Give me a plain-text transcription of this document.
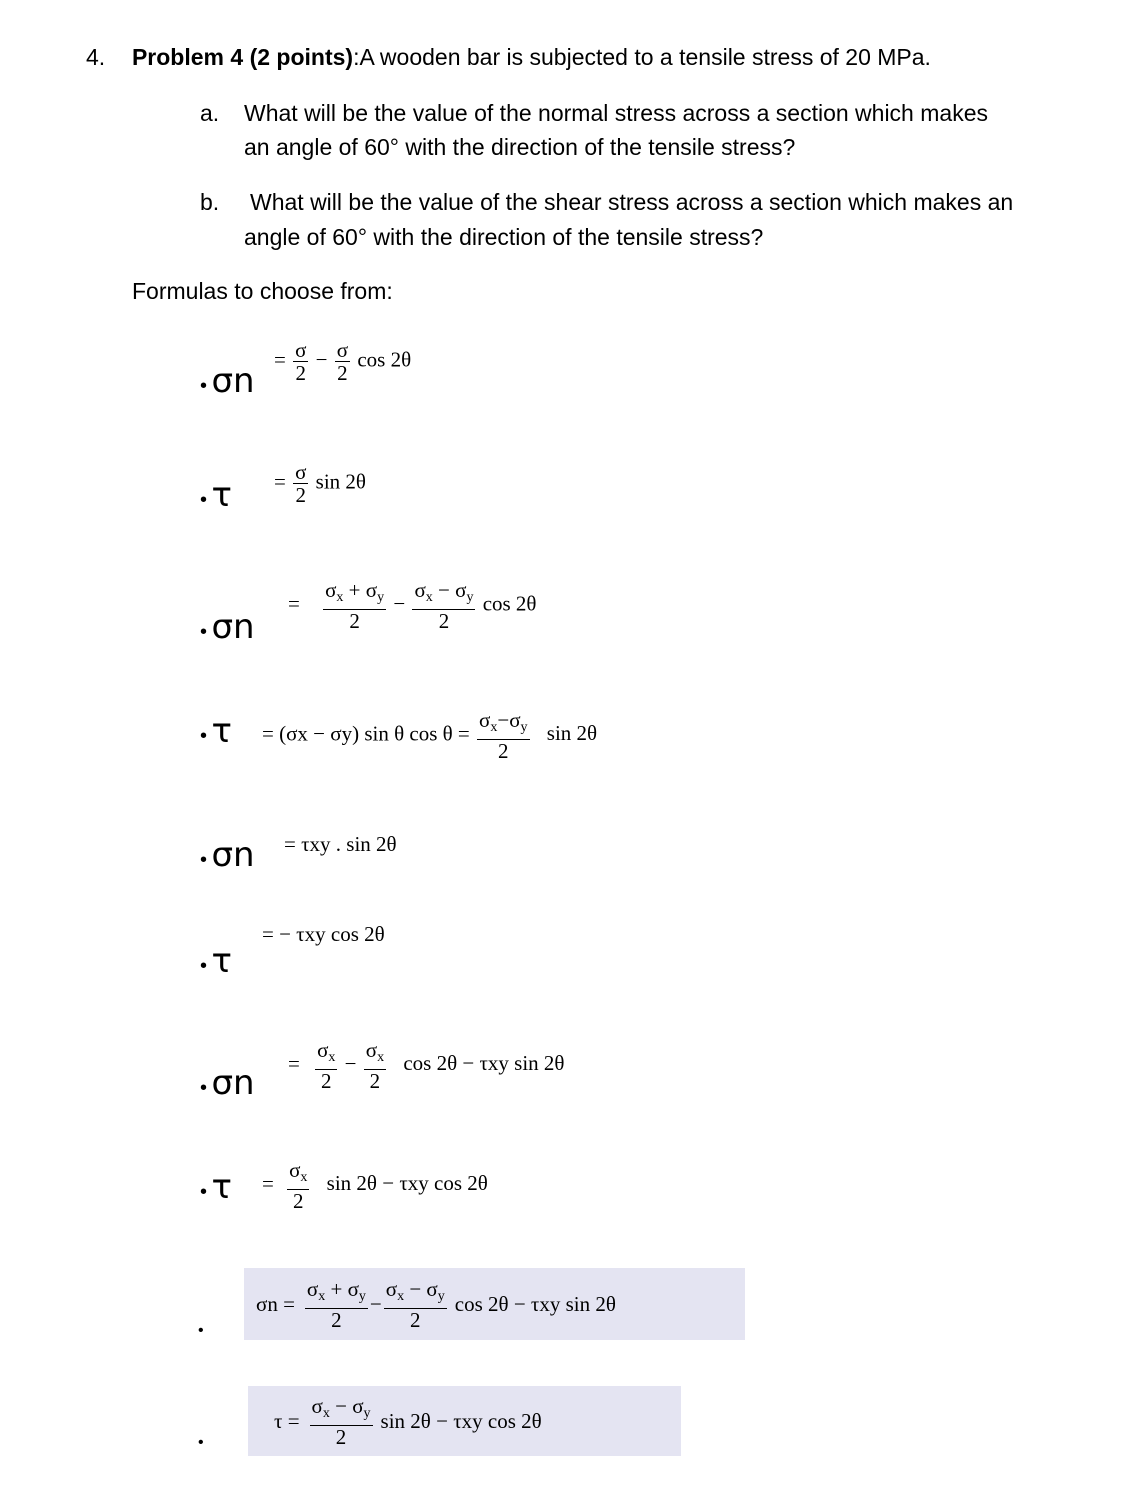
4. Problem 4 (2 points):A wooden bar is subjected to a tensile stress of 20 MPa.
a. What will be the value of the normal stress across a section which makes
an angle of 60° with the direction of the tensile stress?
b. What will be the value of the shear stress across a section which makes an
angle of 60° with the direction of the tensile stress?
Formulas to choose from:
• σn
= $\frac{\sigma}{2} - \frac{\sigma}{2}$ cos 2θ
• $\tau = \frac{\sigma}{2}$ sin 2θ
• σn
= $\frac{\sigma_x + \sigma_y}{2} - \frac{\sigma_x - \sigma_y}{2}$ cos 2θ
• τ = (σx − σy) sin θ $\cos \theta = \frac{\sigma_x-\sigma_y}{2}$ sin 2θ
• σn = τxy . sin 2θ
• τ
= − τxy cos 2θ
• $\sigma n = \frac{\sigma_x}{2} - \frac{\sigma_x}{2}$ cos 2θ − τxy sin 2θ
• $\tau = \frac{\sigma_x}{2}$ sin 2θ − τxy cos 2θ
•
$\sigma n = \frac{\sigma_x + \sigma_y}{2} - \frac{\sigma_x - \sigma_y}{2}$ cos 2θ − τxy sin 2θ
•
$\tau = \frac{\sigma_x - \sigma_y}{2}$ sin 2θ − τxy cos 2θ
